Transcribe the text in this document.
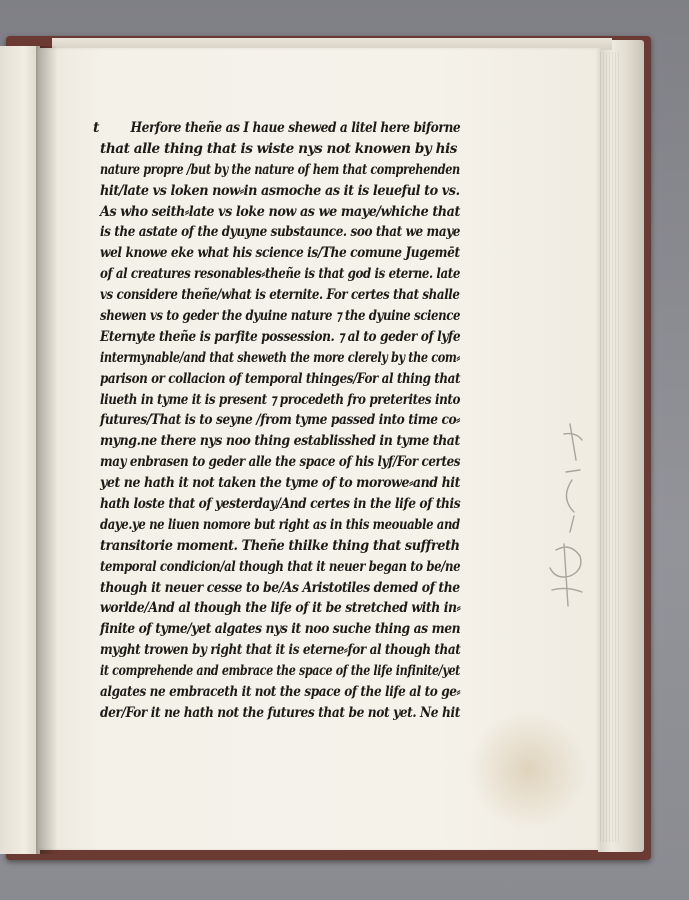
t	Herfore theñe as I haue shewed a litel here biforne
that alle thing that is wiste nys not knowen by his
nature propre /but by the nature of hem that comprehenden
hit/late vs loken now⸗in asmoche as it is leueful to vs.
As who seith⸗late vs loke now as we maye/whiche that
is the astate of the dyuyne substaunce. soo that we maye
wel knowe eke what his science is/The comune Jugemēt
of al creatures resonables⸗theñe is that god is eterne. late
vs considere theñe/what is eternite. For certes that shalle
shewen vs to geder the dyuine nature ⁊ the dyuine science
Eternyte theñe is parfite possession. ⁊ al to geder of lyfe
intermynable/and that sheweth the more clerely by the com⸗
parison or collacion of temporal thinges/For al thing that
liueth in tyme it is present ⁊ procedeth fro preterites into
futures/That is to seyne /from tyme passed into time co⸗
myng.ne there nys noo thing establisshed in tyme that
may enbrasen to geder alle the space of his lyf/For certes
yet ne hath it not taken the tyme of to morowe⸗and hit
hath loste that of yesterday/And certes in the life of this
daye.ye ne liuen nomore but right as in this meouable and
transitorie moment. Theñe thilke thing that suffreth
temporal condicion/al though that it neuer began to be/ne
though it neuer cesse to be/As Aristotiles demed of the
worlde/And al though the life of it be stretched with in⸗
finite of tyme/yet algates nys it noo suche thing as men
myght trowen by right that it is eterne⸗for al though that
it comprehende and embrace the space of the life infinite/yet
algates ne embraceth it not the space of the life al to ge⸗
der/For it ne hath not the futures that be not yet. Ne hit
